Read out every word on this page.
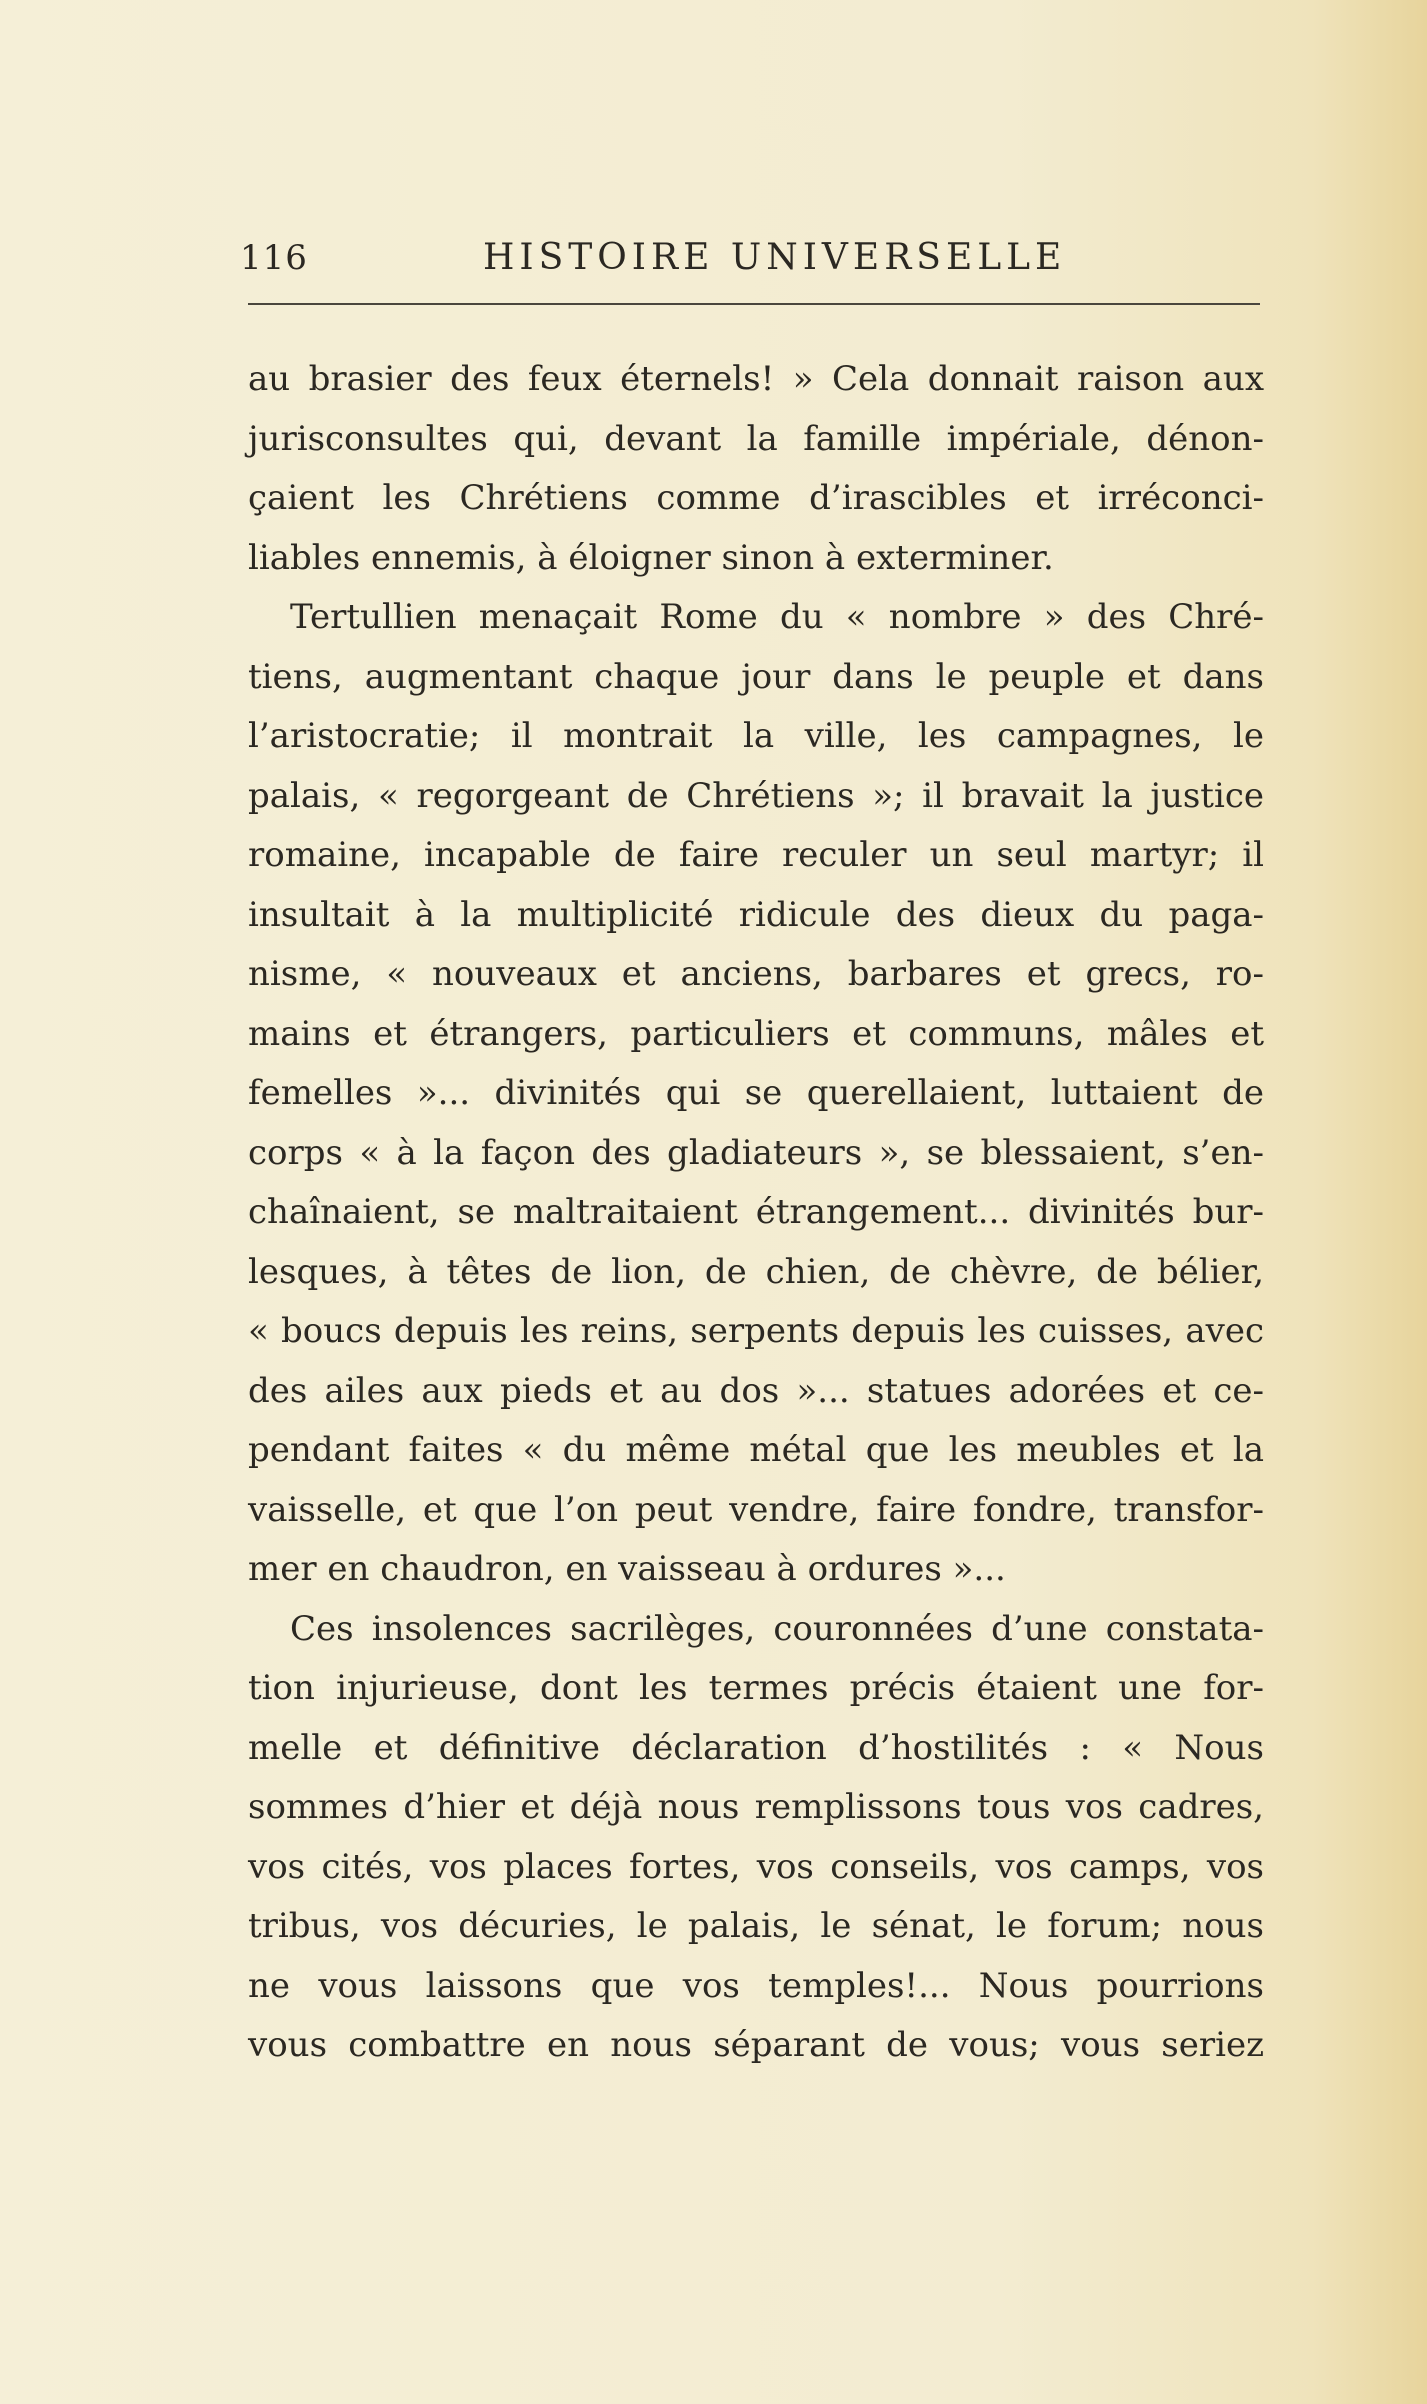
116	HISTOIRE UNIVERSELLE
au brasier des feux éternels! » Cela donnait raison aux
jurisconsultes qui, devant la famille impériale, dénon-
çaient les Chrétiens comme d’irascibles et irréconci-
liables ennemis, à éloigner sinon à exterminer.
Tertullien menaçait Rome du « nombre » des Chré-
tiens, augmentant chaque jour dans le peuple et dans
l’aristocratie; il montrait la ville, les campagnes, le
palais, « regorgeant de Chrétiens »; il bravait la justice
romaine, incapable de faire reculer un seul martyr; il
insultait à la multiplicité ridicule des dieux du paga-
nisme, « nouveaux et anciens, barbares et grecs, ro-
mains et étrangers, particuliers et communs, mâles et
femelles »... divinités qui se querellaient, luttaient de
corps « à la façon des gladiateurs », se blessaient, s’en-
chaînaient, se maltraitaient étrangement... divinités bur-
lesques, à têtes de lion, de chien, de chèvre, de bélier,
« boucs depuis les reins, serpents depuis les cuisses, avec
des ailes aux pieds et au dos »... statues adorées et ce-
pendant faites « du même métal que les meubles et la
vaisselle, et que l’on peut vendre, faire fondre, transfor-
mer en chaudron, en vaisseau à ordures »...
Ces insolences sacrilèges, couronnées d’une constata-
tion injurieuse, dont les termes précis étaient une for-
melle et définitive déclaration d’hostilités : « Nous
sommes d’hier et déjà nous remplissons tous vos cadres,
vos cités, vos places fortes, vos conseils, vos camps, vos
tribus, vos décuries, le palais, le sénat, le forum; nous
ne vous laissons que vos temples!... Nous pourrions
vous combattre en nous séparant de vous; vous seriez
